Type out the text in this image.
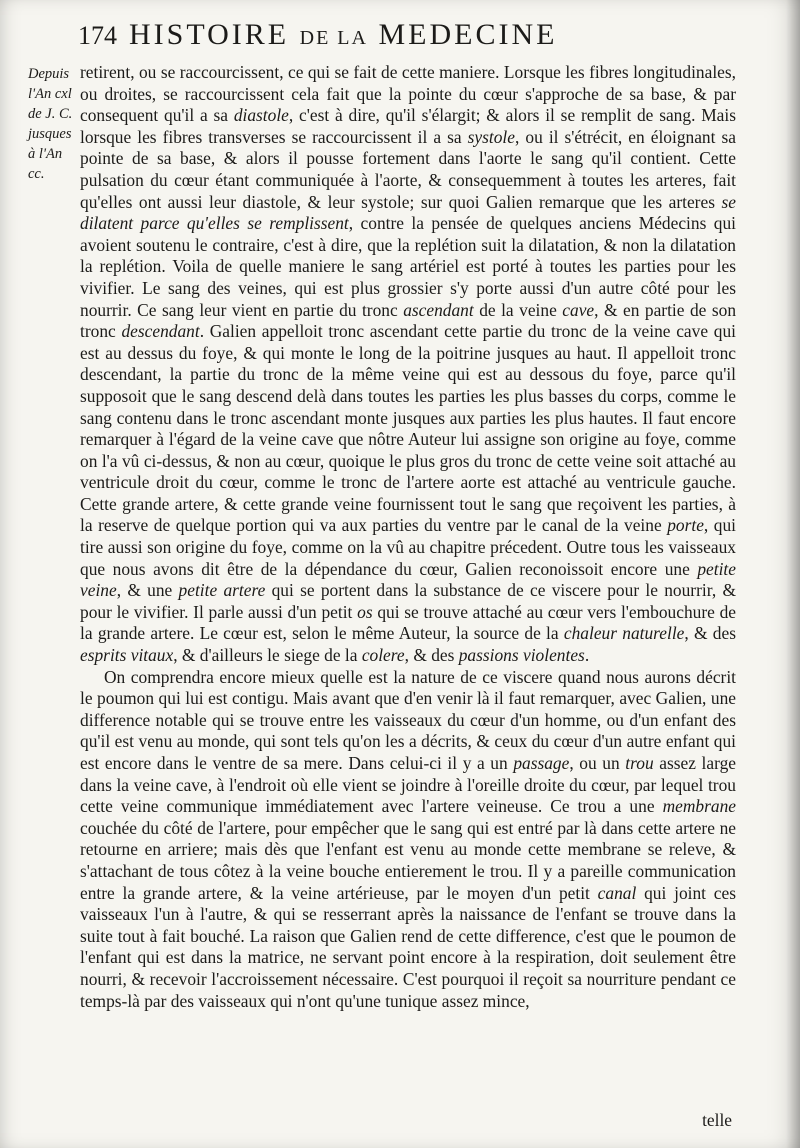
174 HISTOIRE DE LA MEDECINE
Depuis
l'An cxl
de J. C.
jusques
à l'An
cc.

retirent, ou se raccourcissent, ce qui se fait de cette maniere. Lorsque les fibres longitudinales, ou droites, se raccourcissent cela fait que la pointe du cœur s'approche de sa base, & par consequent qu'il a sa diastole, c'est à dire, qu'il s'élargit; & alors il se remplit de sang. Mais lorsque les fibres transverses se raccourcissent il a sa systole, ou il s'étrécit, en éloignant sa pointe de sa base, & alors il pousse fortement dans l'aorte le sang qu'il contient. Cette pulsation du cœur étant communiquée à l'aorte, & consequemment à toutes les arteres, fait qu'elles ont aussi leur diastole, & leur systole; sur quoi Galien remarque que les arteres se dilatent parce qu'elles se remplissent, contre la pensée de quelques anciens Médecins qui avoient soutenu le contraire, c'est à dire, que la replétion suit la dilatation, & non la dilatation la replétion. Voila de quelle maniere le sang artériel est porté à toutes les parties pour les vivifier. Le sang des veines, qui est plus grossier s'y porte aussi d'un autre côté pour les nourrir. Ce sang leur vient en partie du tronc ascendant de la veine cave, & en partie de son tronc descendant. Galien appelloit tronc ascendant cette partie du tronc de la veine cave qui est au dessus du foye, & qui monte le long de la poitrine jusques au haut. Il appelloit tronc descendant, la partie du tronc de la même veine qui est au dessous du foye, parce qu'il supposoit que le sang descend delà dans toutes les parties les plus basses du corps, comme le sang contenu dans le tronc ascendant monte jusques aux parties les plus hautes. Il faut encore remarquer à l'égard de la veine cave que nôtre Auteur lui assigne son origine au foye, comme on l'a vû ci-dessus, & non au cœur, quoique le plus gros du tronc de cette veine soit attaché au ventricule droit du cœur, comme le tronc de l'artere aorte est attaché au ventricule gauche. Cette grande artere, & cette grande veine fournissent tout le sang que reçoivent les parties, à la reserve de quelque portion qui va aux parties du ventre par le canal de la veine porte, qui tire aussi son origine du foye, comme on la vû au chapitre précedent. Outre tous les vaisseaux que nous avons dit être de la dépendance du cœur, Galien reconoissoit encore une petite veine, & une petite artere qui se portent dans la substance de ce viscere pour le nourrir, & pour le vivifier. Il parle aussi d'un petit os qui se trouve attaché au cœur vers l'embouchure de la grande artere. Le cœur est, selon le même Auteur, la source de la chaleur naturelle, & des esprits vitaux, & d'ailleurs le siege de la colere, & des passions violentes.

On comprendra encore mieux quelle est la nature de ce viscere quand nous aurons décrit le poumon qui lui est contigu. Mais avant que d'en venir là il faut remarquer, avec Galien, une difference notable qui se trouve entre les vaisseaux du cœur d'un homme, ou d'un enfant des qu'il est venu au monde, qui sont tels qu'on les a décrits, & ceux du cœur d'un autre enfant qui est encore dans le ventre de sa mere. Dans celui-ci il y a un passage, ou un trou assez large dans la veine cave, à l'endroit où elle vient se joindre à l'oreille droite du cœur, par lequel trou cette veine communique immédiatement avec l'artere veineuse. Ce trou a une membrane couchée du côté de l'artere, pour empêcher que le sang qui est entré par là dans cette artere ne retourne en arriere; mais dès que l'enfant est venu au monde cette membrane se releve, & s'attachant de tous côtez à la veine bouche entierement le trou. Il y a pareille communication entre la grande artere, & la veine artérieuse, par le moyen d'un petit canal qui joint ces vaisseaux l'un à l'autre, & qui se resserrant après la naissance de l'enfant se trouve dans la suite tout à fait bouché. La raison que Galien rend de cette difference, c'est que le poumon de l'enfant qui est dans la matrice, ne servant point encore à la respiration, doit seulement être nourri, & recevoir l'accroissement nécessaire. C'est pourquoi il reçoit sa nourriture pendant ce temps-là par des vaisseaux qui n'ont qu'une tunique assez mince,

telle
